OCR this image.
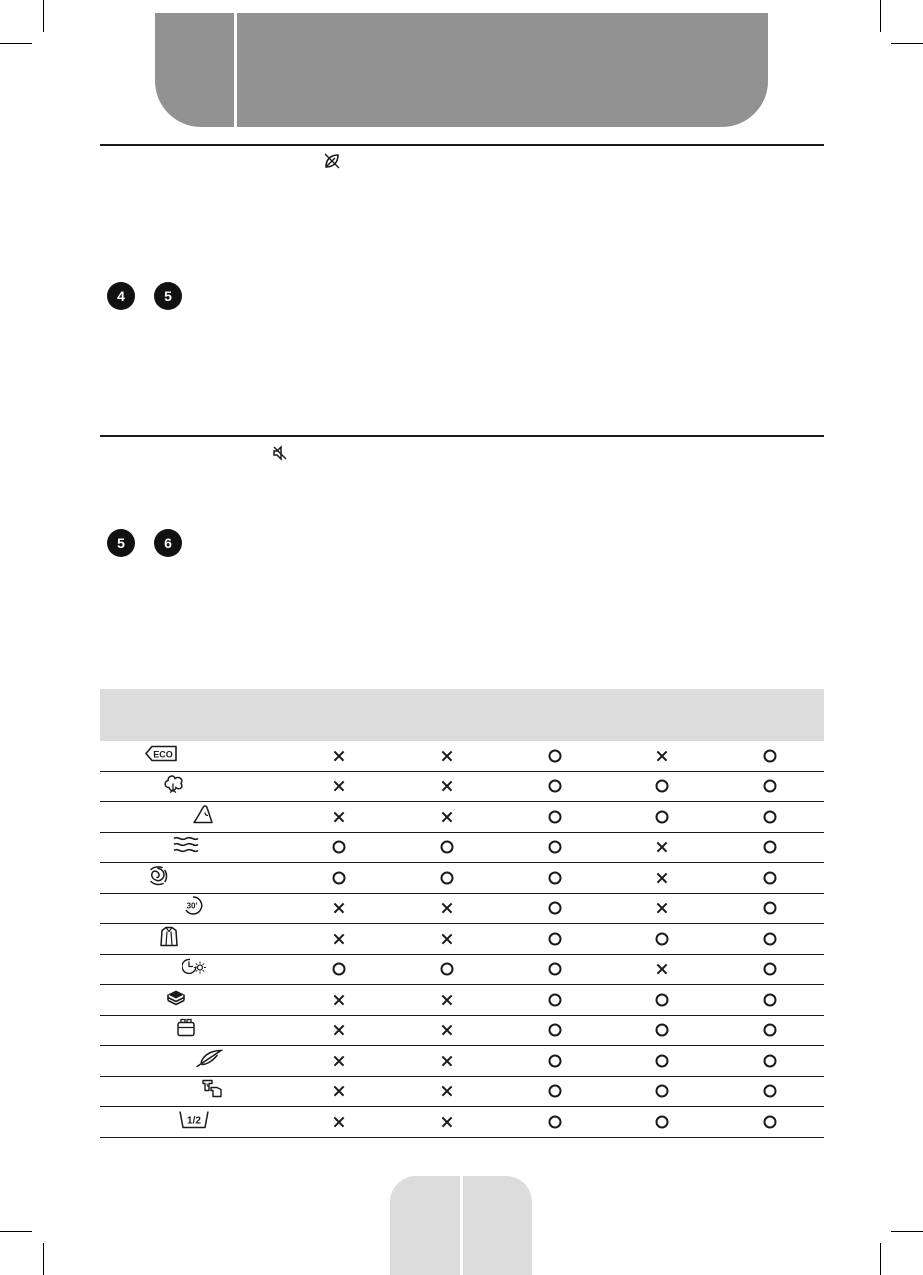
4	5
5	6
ECO
30'
1/2
